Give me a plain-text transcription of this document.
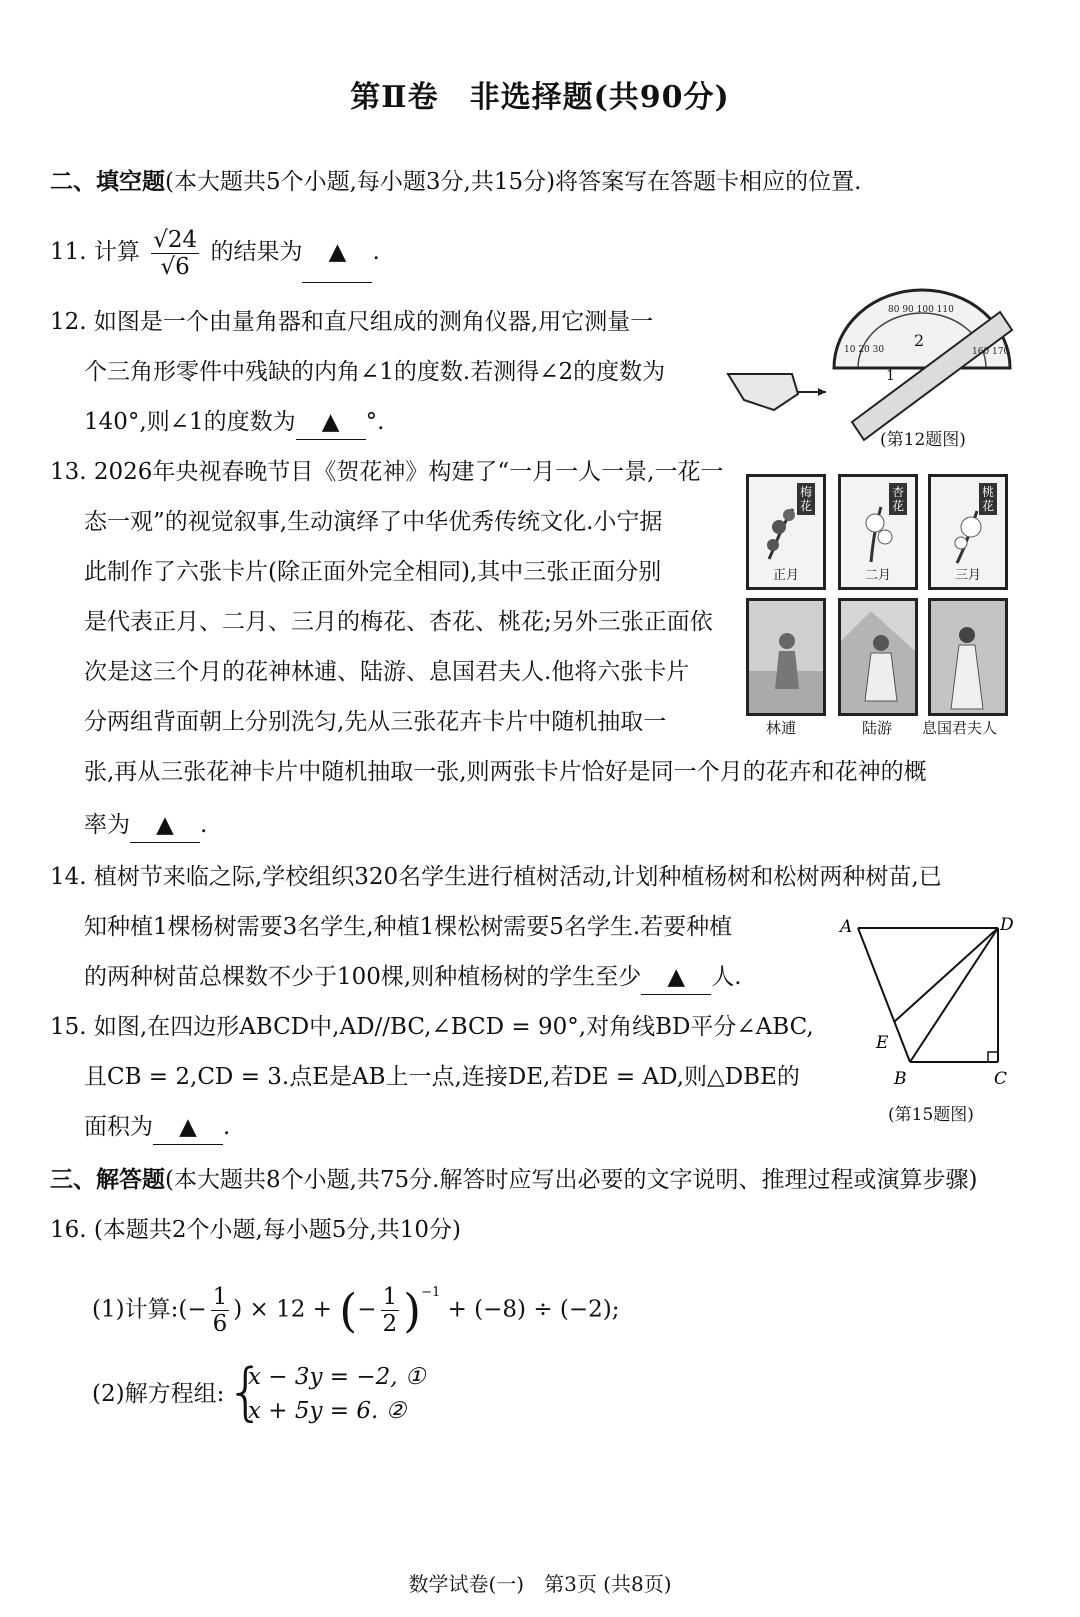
第Ⅱ卷　非选择题(共90分)
二、填空题(本大题共5个小题,每小题3分,共15分)将答案写在答题卡相应的位置.
11. 计算 $\frac{√24}{√6}$ 的结果为 ▲ .
12. 如图是一个由量角器和直尺组成的测角仪器,用它测量一
个三角形零件中残缺的内角∠1的度数.若测得∠2的度数为
140°,则∠1的度数为 ▲ °.
80 90 100 110
10 20 30	160 170
2
1
(第12题图)
13. 2026年央视春晚节目《贺花神》构建了“一月一人一景,一花一
态一观”的视觉叙事,生动演绎了中华优秀传统文化.小宁据
此制作了六张卡片(除正面外完全相同),其中三张正面分别
是代表正月、二月、三月的梅花、杏花、桃花;另外三张正面依
次是这三个月的花神林逋、陆游、息国君夫人.他将六张卡片
分两组背面朝上分别洗匀,先从三张花卉卡片中随机抽取一
张,再从三张花神卡片中随机抽取一张,则两张卡片恰好是同一个月的花卉和花神的概
率为 ▲ .
梅花
正月
杏花
二月
桃花
三月
林逋	陆游 息国君夫人
14. 植树节来临之际,学校组织320名学生进行植树活动,计划种植杨树和松树两种树苗,已
知种植1棵杨树需要3名学生,种植1棵松树需要5名学生.若要种植
的两种树苗总棵数不少于100棵,则种植杨树的学生至少 ▲ 人.
15. 如图,在四边形ABCD中,AD//BC,∠BCD = 90°,对角线BD平分∠ABC,
且CB = 2,CD = 3.点E是AB上一点,连接DE,若DE = AD,则△DBE的
面积为 ▲ .
A	D
B	C
E
(第15题图)
三、解答题(本大题共8个小题,共75分.解答时应写出必要的文字说明、推理过程或演算步骤)
16. (本题共2个小题,每小题5分,共10分)
(1)计算:(− $\frac{1}{6}$ ) × 12 + (− $\frac{1}{2} )^{-1} + (-8) \div (-2)$;
(2)解方程组: {
x − 3y = −2, ①
x + 5y = 6. ②
数学试卷(一)　第3页 (共8页)
